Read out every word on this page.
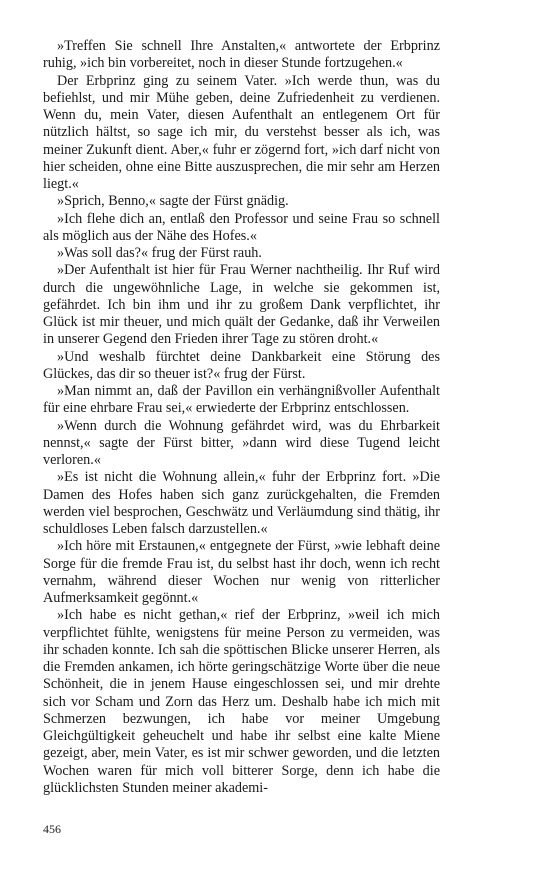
»Treffen Sie schnell Ihre Anstalten,« antwortete der Erbprinz ruhig, »ich bin vorbereitet, noch in dieser Stunde fortzugehen.«

Der Erbprinz ging zu seinem Vater. »Ich werde thun, was du befiehlst, und mir Mühe geben, deine Zufriedenheit zu verdienen. Wenn du, mein Vater, diesen Aufenthalt an entlegenem Ort für nützlich hältst, so sage ich mir, du verstehst besser als ich, was meiner Zukunft dient. Aber,« fuhr er zögernd fort, »ich darf nicht von hier scheiden, ohne eine Bitte auszusprechen, die mir sehr am Herzen liegt.«

»Sprich, Benno,« sagte der Fürst gnädig.

»Ich flehe dich an, entlaß den Professor und seine Frau so schnell als möglich aus der Nähe des Hofes.«

»Was soll das?« frug der Fürst rauh.

»Der Aufenthalt ist hier für Frau Werner nachtheilig. Ihr Ruf wird durch die ungewöhnliche Lage, in welche sie gekommen ist, gefährdet. Ich bin ihm und ihr zu großem Dank verpflichtet, ihr Glück ist mir theuer, und mich quält der Gedanke, daß ihr Verweilen in unserer Gegend den Frieden ihrer Tage zu stören droht.«

»Und weshalb fürchtet deine Dankbarkeit eine Störung des Glückes, das dir so theuer ist?« frug der Fürst.

»Man nimmt an, daß der Pavillon ein verhängnißvoller Aufenthalt für eine ehrbare Frau sei,« erwiederte der Erbprinz entschlossen.

»Wenn durch die Wohnung gefährdet wird, was du Ehrbarkeit nennst,« sagte der Fürst bitter, »dann wird diese Tugend leicht verloren.«

»Es ist nicht die Wohnung allein,« fuhr der Erbprinz fort. »Die Damen des Hofes haben sich ganz zurückgehalten, die Fremden werden viel besprochen, Geschwätz und Verläumdung sind thätig, ihr schuldloses Leben falsch darzustellen.«

»Ich höre mit Erstaunen,« entgegnete der Fürst, »wie lebhaft deine Sorge für die fremde Frau ist, du selbst hast ihr doch, wenn ich recht vernahm, während dieser Wochen nur wenig von ritterlicher Aufmerksamkeit gegönnt.«

»Ich habe es nicht gethan,« rief der Erbprinz, »weil ich mich verpflichtet fühlte, wenigstens für meine Person zu vermeiden, was ihr schaden konnte. Ich sah die spöttischen Blicke unserer Herren, als die Fremden ankamen, ich hörte geringschätzige Worte über die neue Schönheit, die in jenem Hause eingeschlossen sei, und mir drehte sich vor Scham und Zorn das Herz um. Deshalb habe ich mich mit Schmerzen bezwungen, ich habe vor meiner Umgebung Gleichgültigkeit geheuchelt und habe ihr selbst eine kalte Miene gezeigt, aber, mein Vater, es ist mir schwer geworden, und die letzten Wochen waren für mich voll bitterer Sorge, denn ich habe die glücklichsten Stunden meiner akademi-

456
